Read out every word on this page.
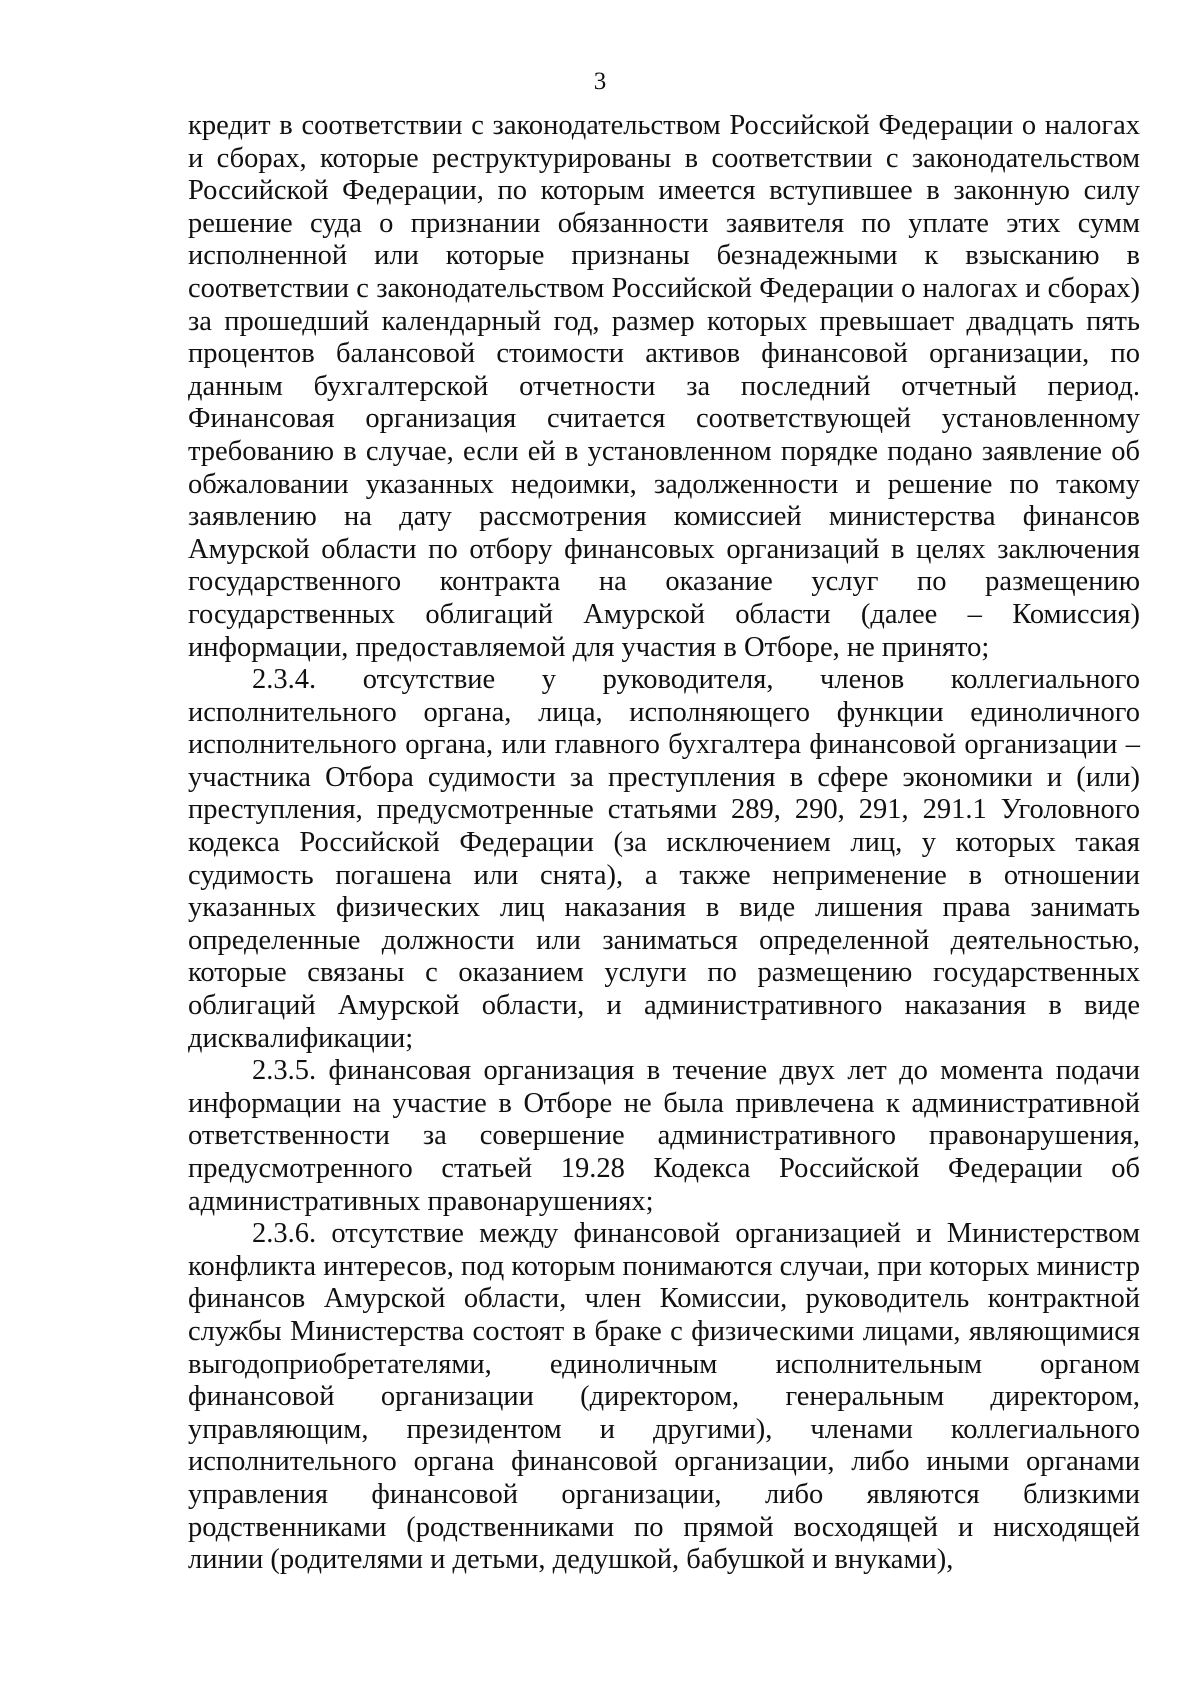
3

кредит в соответствии с законодательством Российской Федерации о налогах и сборах, которые реструктурированы в соответствии с законодательством Российской Федерации, по которым имеется вступившее в законную силу решение суда о признании обязанности заявителя по уплате этих сумм исполненной или которые признаны безнадежными к взысканию в соответствии с законодательством Российской Федерации о налогах и сборах) за прошедший календарный год, размер которых превышает двадцать пять процентов балансовой стоимости активов финансовой организации, по данным бухгалтерской отчетности за последний отчетный период. Финансовая организация считается соответствующей установленному требованию в случае, если ей в установленном порядке подано заявление об обжаловании указанных недоимки, задолженности и решение по такому заявлению на дату рассмотрения комиссией министерства финансов Амурской области по отбору финансовых организаций в целях заключения государственного контракта на оказание услуг по размещению государственных облигаций Амурской области (далее – Комиссия) информации, предоставляемой для участия в Отборе, не принято;

2.3.4. отсутствие у руководителя, членов коллегиального исполнительного органа, лица, исполняющего функции единоличного исполнительного органа, или главного бухгалтера финансовой организации – участника Отбора судимости за преступления в сфере экономики и (или) преступления, предусмотренные статьями 289, 290, 291, 291.1 Уголовного кодекса Российской Федерации (за исключением лиц, у которых такая судимость погашена или снята), а также неприменение в отношении указанных физических лиц наказания в виде лишения права занимать определенные должности или заниматься определенной деятельностью, которые связаны с оказанием услуги по размещению государственных облигаций Амурской области, и административного наказания в виде дисквалификации;

2.3.5. финансовая организация в течение двух лет до момента подачи информации на участие в Отборе не была привлечена к административной ответственности за совершение административного правонарушения, предусмотренного статьей 19.28 Кодекса Российской Федерации об административных правонарушениях;

2.3.6. отсутствие между финансовой организацией и Министерством конфликта интересов, под которым понимаются случаи, при которых министр финансов Амурской области, член Комиссии, руководитель контрактной службы Министерства состоят в браке с физическими лицами, являющимися выгодоприобретателями, единоличным исполнительным органом финансовой организации (директором, генеральным директором, управляющим, президентом и другими), членами коллегиального исполнительного органа финансовой организации, либо иными органами управления финансовой организации, либо являются близкими родственниками (родственниками по прямой восходящей и нисходящей линии (родителями и детьми, дедушкой, бабушкой и внуками),
